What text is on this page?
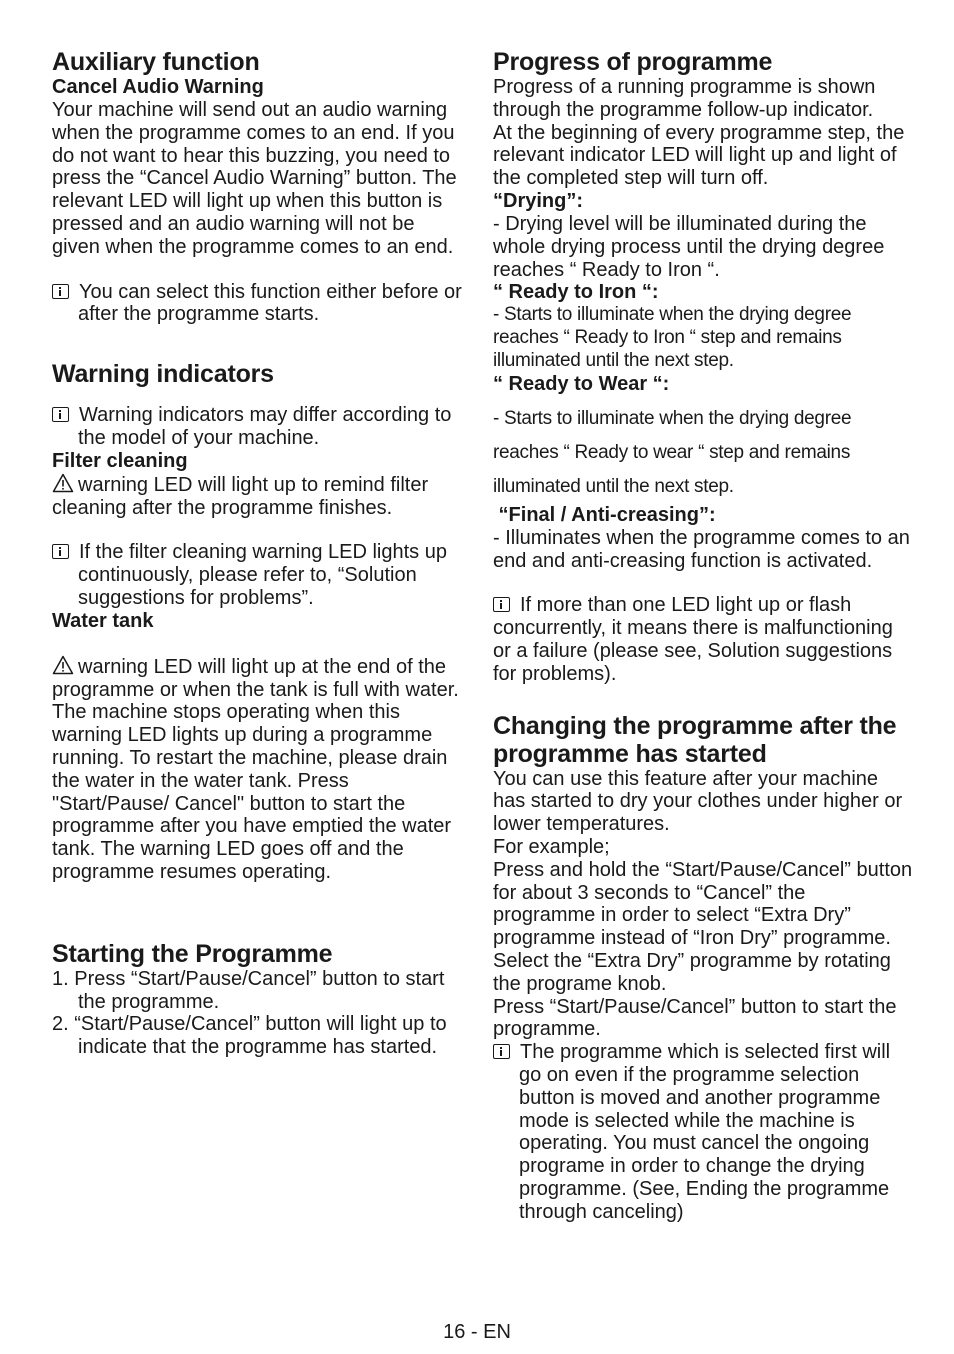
Auxiliary function
Cancel Audio Warning
Your machine will send out an audio warning when the programme comes to an end. If you do not want to hear this buzzing, you need to press the “Cancel Audio Warning” button. The relevant LED will light up when this button is pressed and an audio warning will not be given when the programme comes to an end.
You can select this function either before or after the programme starts.
Warning indicators
Warning indicators may differ according to the model of your machine.
Filter cleaning
warning LED will light up to remind filter cleaning after the programme finishes.
If the filter cleaning warning LED lights up continuously, please refer to, “Solution suggestions for problems”.
Water tank
warning LED will light up at the end of the programme or when the tank is full with water. The machine stops operating when this warning LED lights up during a programme running. To restart the machine, please drain the water in the water tank. Press "Start/Pause/ Cancel" button to start the programme after you have emptied the water tank. The warning LED goes off and the programme resumes operating.
Starting the Programme
1. Press “Start/Pause/Cancel” button to start the programme.
2. “Start/Pause/Cancel” button will light up to indicate that the programme has started.
Progress of programme
Progress of a running programme is shown through the programme follow-up indicator.
At the beginning of every programme step, the relevant indicator LED will light up and light of the completed step will turn off.
“Drying”:
- Drying level will be illuminated during the whole drying process until the drying degree reaches “ Ready to Iron “.
“ Ready to Iron “:
- Starts to illuminate when the drying degree reaches “ Ready to Iron “ step and remains illuminated until the next step.
“ Ready to Wear “:
- Starts to illuminate when the drying degree
reaches “ Ready to wear “ step and remains
illuminated until the next step.
“Final / Anti-creasing”:
- Illuminates when the programme comes to an end and anti-creasing function is activated.
If more than one LED light up or flash concurrently, it means there is malfunctioning or a failure (please see, Solution suggestions for problems).
Changing the programme after the programme has started
You can use this feature after your machine has started to dry your clothes under higher or lower temperatures.
For example;
Press and hold the “Start/Pause/Cancel” button for about 3 seconds to “Cancel” the programme in order to select “Extra Dry” programme instead of “Iron Dry” programme.
Select the “Extra Dry” programme by rotating the programe knob.
Press “Start/Pause/Cancel” button to start the programme.
The programme which is selected first will go on even if the programme selection button is moved and another programme mode is selected while the machine is operating. You must cancel the ongoing programe in order to change the drying programme. (See, Ending the programme through canceling)
16 - EN
